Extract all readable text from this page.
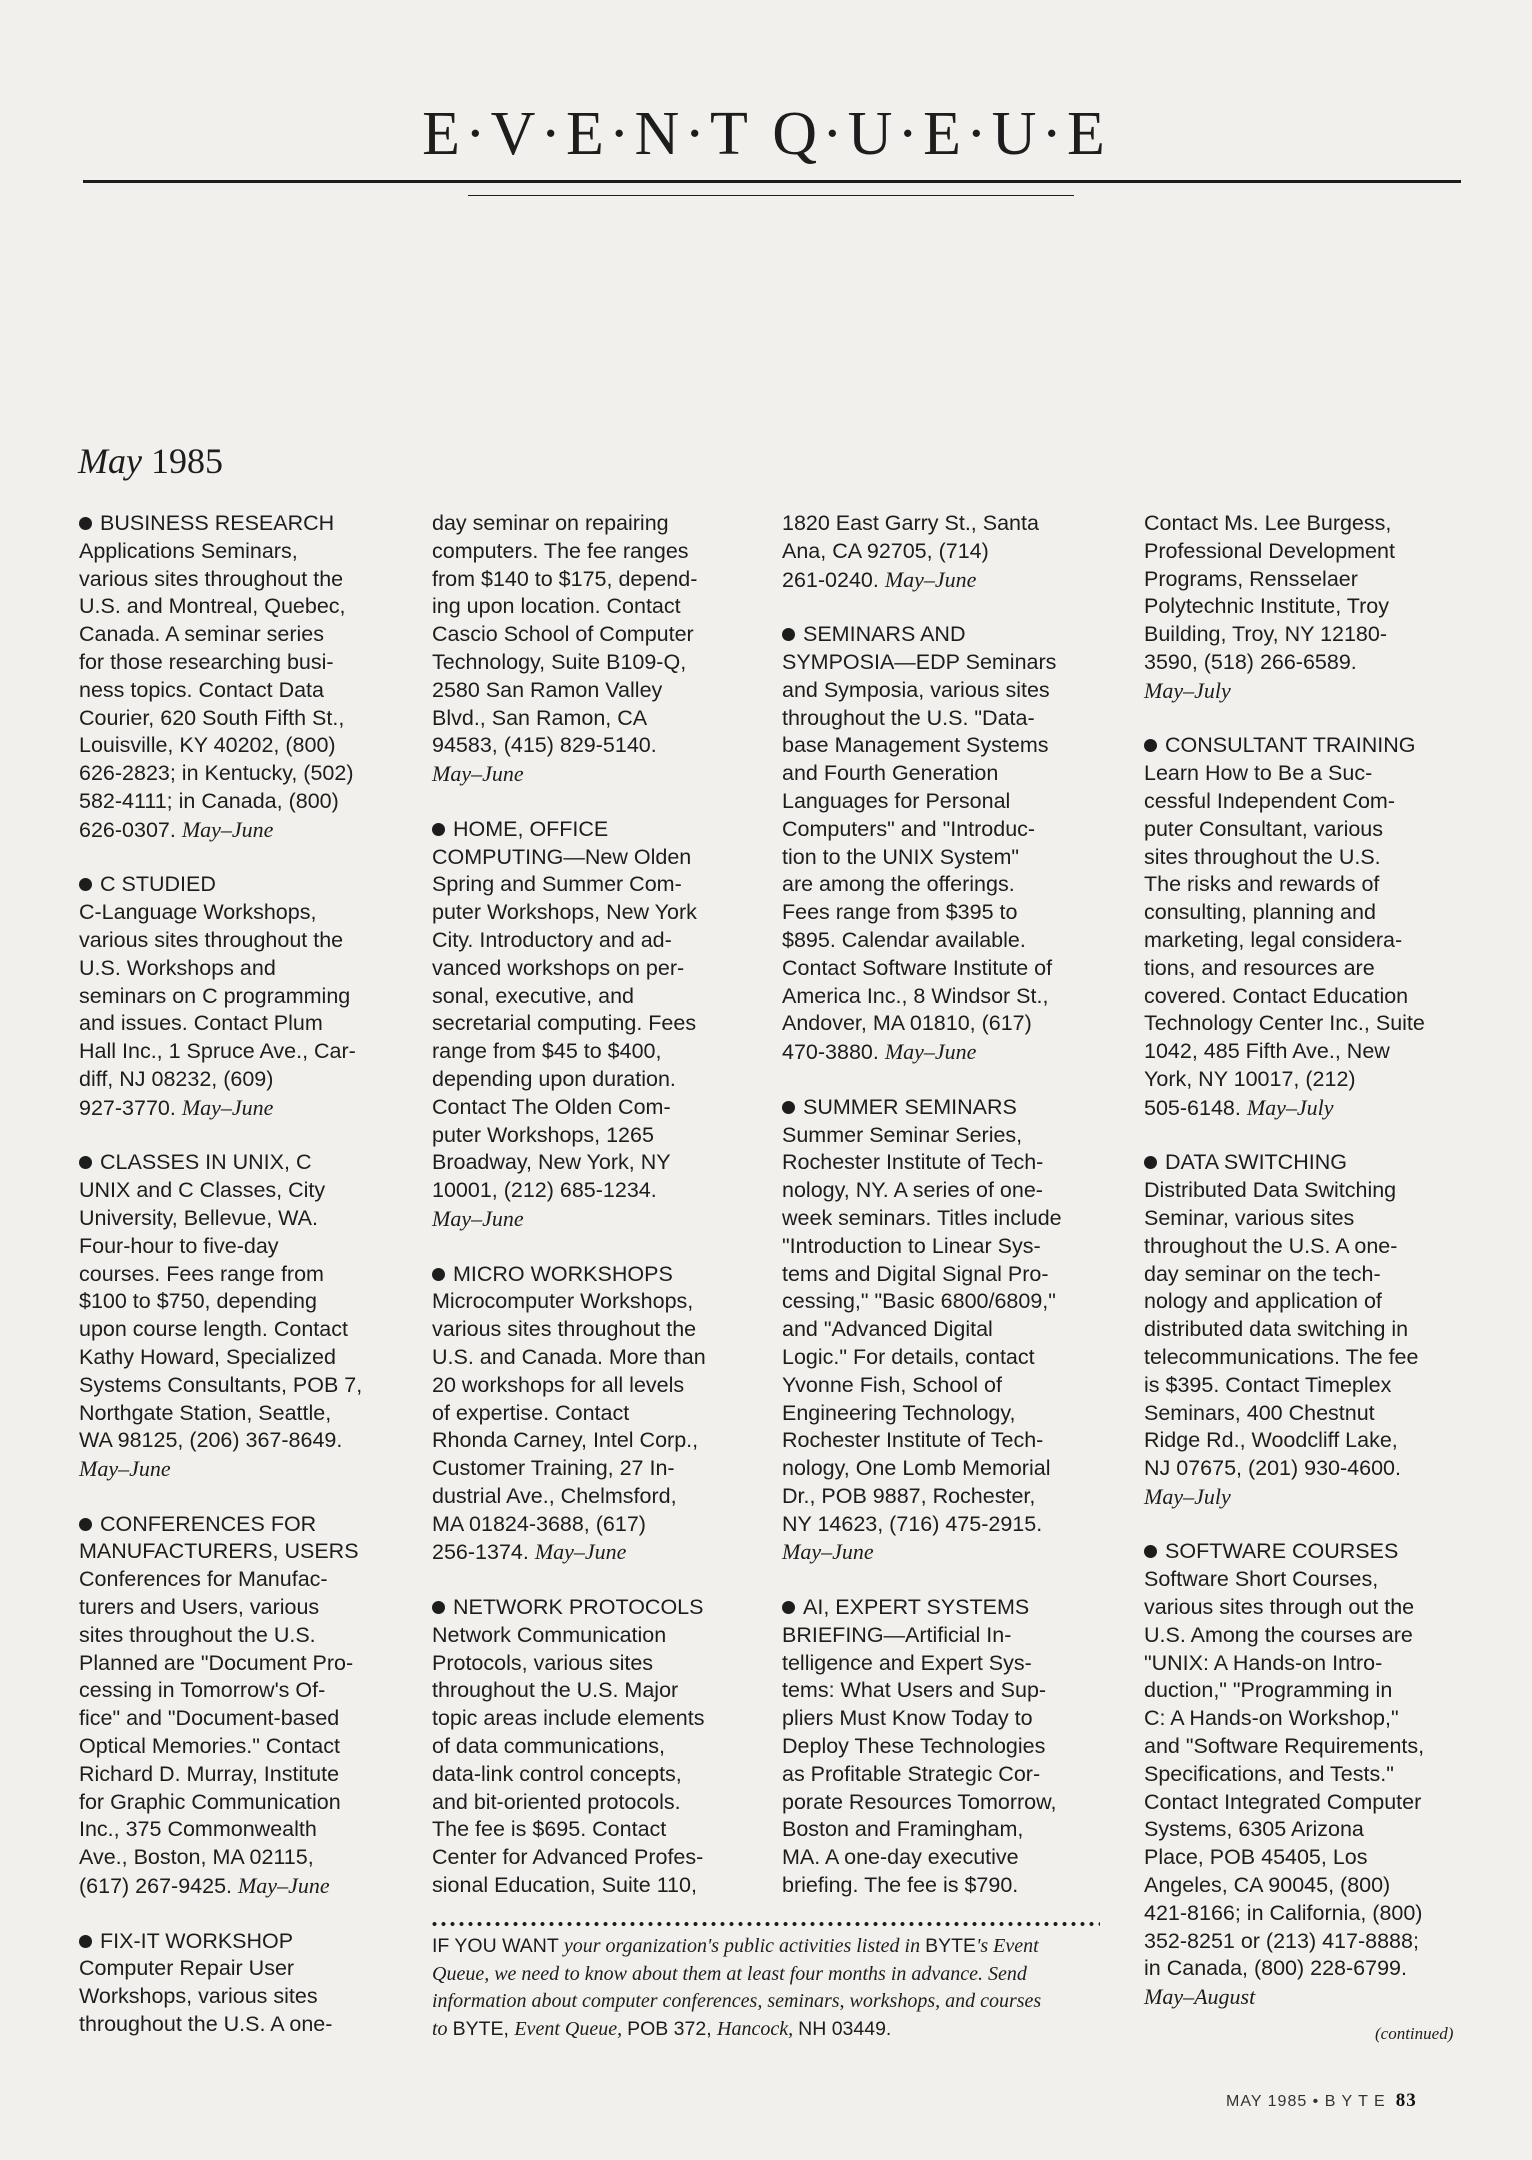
E·V·E·N·T Q·U·E·U·E
May 1985
BUSINESS RESEARCH
Applications Seminars,
various sites throughout the
U.S. and Montreal, Quebec,
Canada. A seminar series
for those researching busi-
ness topics. Contact Data
Courier, 620 South Fifth St.,
Louisville, KY 40202, (800)
626-2823; in Kentucky, (502)
582-4111; in Canada, (800)
626-0307. May–June
C STUDIED
C-Language Workshops,
various sites throughout the
U.S. Workshops and
seminars on C programming
and issues. Contact Plum
Hall Inc., 1 Spruce Ave., Car-
diff, NJ 08232, (609)
927-3770. May–June
CLASSES IN UNIX, C
UNIX and C Classes, City
University, Bellevue, WA.
Four-hour to five-day
courses. Fees range from
$100 to $750, depending
upon course length. Contact
Kathy Howard, Specialized
Systems Consultants, POB 7,
Northgate Station, Seattle,
WA 98125, (206) 367-8649.
May–June
CONFERENCES FOR
MANUFACTURERS, USERS
Conferences for Manufac-
turers and Users, various
sites throughout the U.S.
Planned are "Document Pro-
cessing in Tomorrow's Of-
fice" and "Document-based
Optical Memories." Contact
Richard D. Murray, Institute
for Graphic Communication
Inc., 375 Commonwealth
Ave., Boston, MA 02115,
(617) 267-9425. May–June
FIX-IT WORKSHOP
Computer Repair User
Workshops, various sites
throughout the U.S. A one-
day seminar on repairing
computers. The fee ranges
from $140 to $175, depend-
ing upon location. Contact
Cascio School of Computer
Technology, Suite B109-Q,
2580 San Ramon Valley
Blvd., San Ramon, CA
94583, (415) 829-5140.
May–June
HOME, OFFICE
COMPUTING—New Olden
Spring and Summer Com-
puter Workshops, New York
City. Introductory and ad-
vanced workshops on per-
sonal, executive, and
secretarial computing. Fees
range from $45 to $400,
depending upon duration.
Contact The Olden Com-
puter Workshops, 1265
Broadway, New York, NY
10001, (212) 685-1234.
May–June
MICRO WORKSHOPS
Microcomputer Workshops,
various sites throughout the
U.S. and Canada. More than
20 workshops for all levels
of expertise. Contact
Rhonda Carney, Intel Corp.,
Customer Training, 27 In-
dustrial Ave., Chelmsford,
MA 01824-3688, (617)
256-1374. May–June
NETWORK PROTOCOLS
Network Communication
Protocols, various sites
throughout the U.S. Major
topic areas include elements
of data communications,
data-link control concepts,
and bit-oriented protocols.
The fee is $695. Contact
Center for Advanced Profes-
sional Education, Suite 110,
1820 East Garry St., Santa
Ana, CA 92705, (714)
261-0240. May–June
SEMINARS AND
SYMPOSIA—EDP Seminars
and Symposia, various sites
throughout the U.S. "Data-
base Management Systems
and Fourth Generation
Languages for Personal
Computers" and "Introduc-
tion to the UNIX System"
are among the offerings.
Fees range from $395 to
$895. Calendar available.
Contact Software Institute of
America Inc., 8 Windsor St.,
Andover, MA 01810, (617)
470-3880. May–June
SUMMER SEMINARS
Summer Seminar Series,
Rochester Institute of Tech-
nology, NY. A series of one-
week seminars. Titles include
"Introduction to Linear Sys-
tems and Digital Signal Pro-
cessing," "Basic 6800/6809,"
and "Advanced Digital
Logic." For details, contact
Yvonne Fish, School of
Engineering Technology,
Rochester Institute of Tech-
nology, One Lomb Memorial
Dr., POB 9887, Rochester,
NY 14623, (716) 475-2915.
May–June
AI, EXPERT SYSTEMS
BRIEFING—Artificial In-
telligence and Expert Sys-
tems: What Users and Sup-
pliers Must Know Today to
Deploy These Technologies
as Profitable Strategic Cor-
porate Resources Tomorrow,
Boston and Framingham,
MA. A one-day executive
briefing. The fee is $790.
Contact Ms. Lee Burgess,
Professional Development
Programs, Rensselaer
Polytechnic Institute, Troy
Building, Troy, NY 12180-
3590, (518) 266-6589.
May–July
CONSULTANT TRAINING
Learn How to Be a Suc-
cessful Independent Com-
puter Consultant, various
sites throughout the U.S.
The risks and rewards of
consulting, planning and
marketing, legal considera-
tions, and resources are
covered. Contact Education
Technology Center Inc., Suite
1042, 485 Fifth Ave., New
York, NY 10017, (212)
505-6148. May–July
DATA SWITCHING
Distributed Data Switching
Seminar, various sites
throughout the U.S. A one-
day seminar on the tech-
nology and application of
distributed data switching in
telecommunications. The fee
is $395. Contact Timeplex
Seminars, 400 Chestnut
Ridge Rd., Woodcliff Lake,
NJ 07675, (201) 930-4600.
May–July
SOFTWARE COURSES
Software Short Courses,
various sites through out the
U.S. Among the courses are
"UNIX: A Hands-on Intro-
duction," "Programming in
C: A Hands-on Workshop,"
and "Software Requirements,
Specifications, and Tests."
Contact Integrated Computer
Systems, 6305 Arizona
Place, POB 45405, Los
Angeles, CA 90045, (800)
421-8166; in California, (800)
352-8251 or (213) 417-8888;
in Canada, (800) 228-6799.
May–August
IF YOU WANT your organization's public activities listed in BYTE's Event
Queue, we need to know about them at least four months in advance. Send
information about computer conferences, seminars, workshops, and courses
to BYTE, Event Queue, POB 372, Hancock, NH 03449.	(continued)
MAY 1985 • B Y T E 83
